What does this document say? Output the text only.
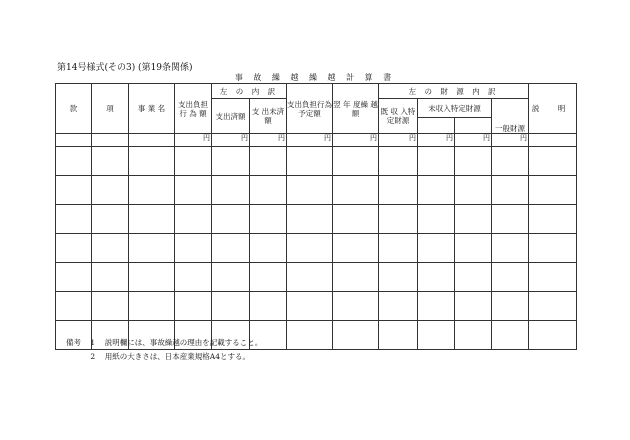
第14号様式(その3) (第19条関係)
事 故 繰 越 繰 越 計 算 書
款	項	事 業 名	支出負担行 為 額	左 の 内 訳		支出負担行為予定額	翌 年 度繰 越 額	左 の 財 源 内 訳				説 明
				支出済額	支 出未済額			既 収 入特定財源	未収入特定財源		一般財源	

			円	円	円	円	円	円	円	円	円	

備考 1 説明欄には、事故繰越の理由を記載すること。
2 用紙の大きさは、日本産業規格A4とする。
